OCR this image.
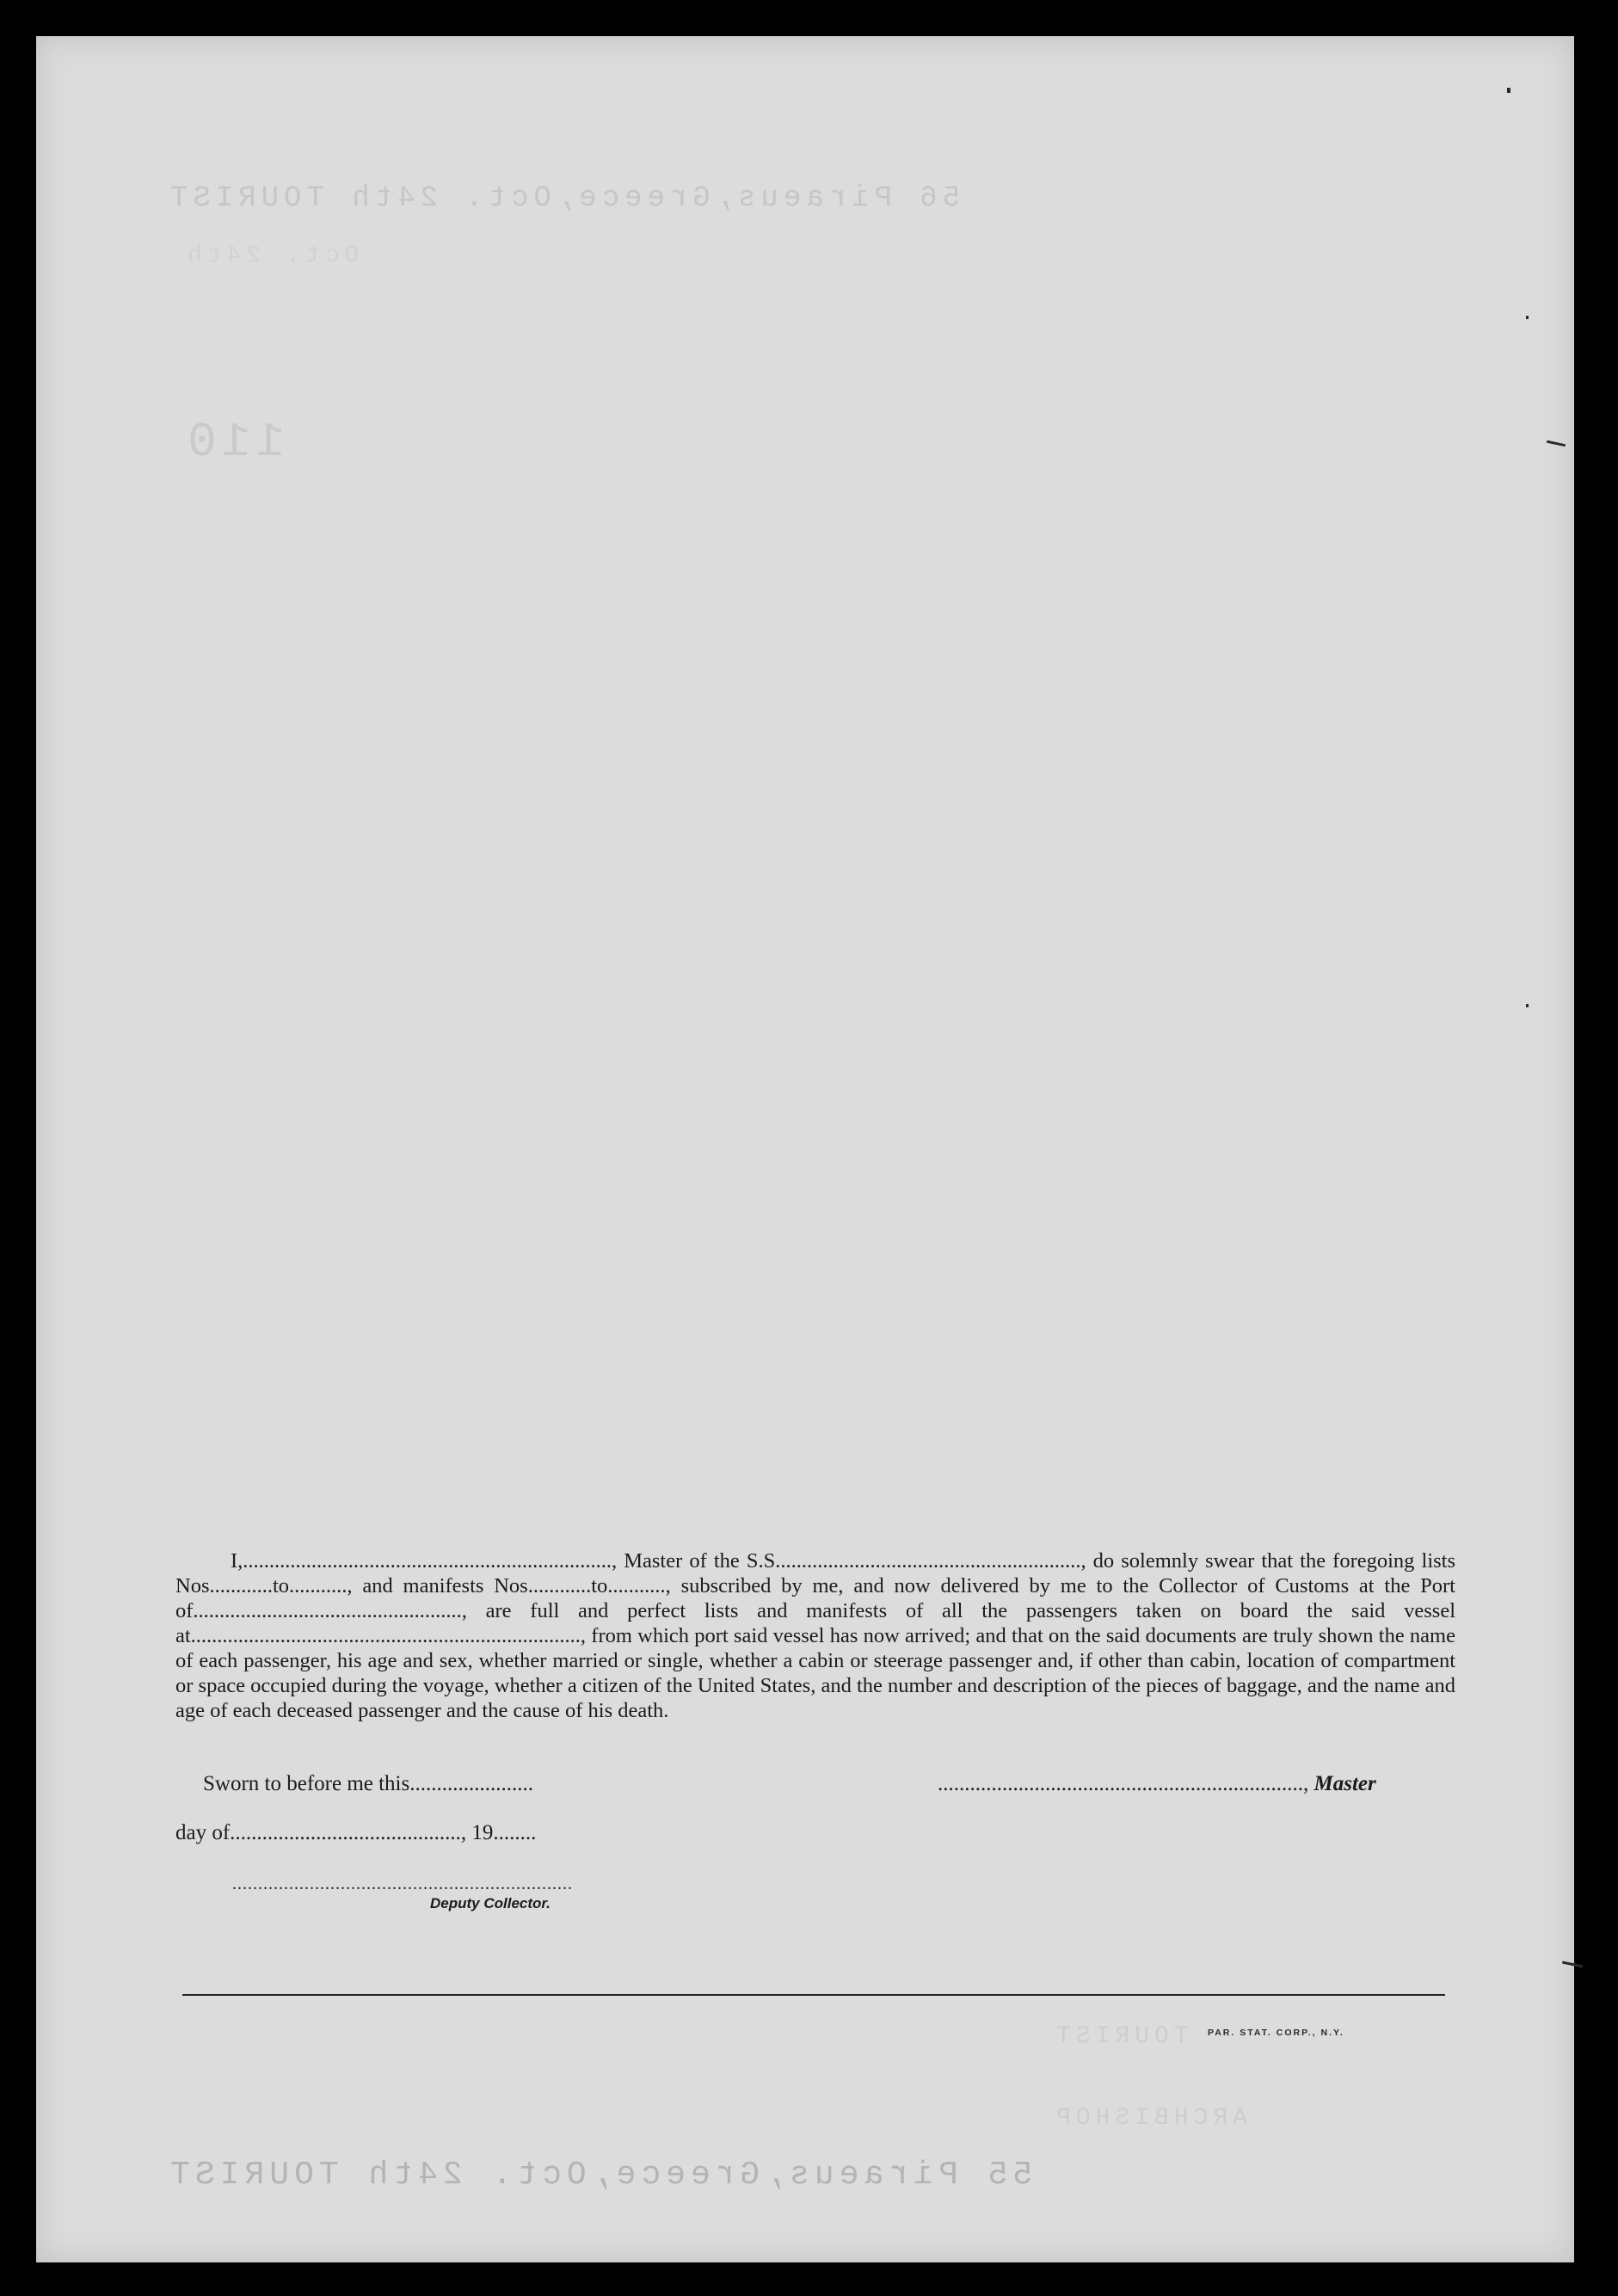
56 Piraeus,Greece,Oct. 24th TOURIST
Oct. 24th
110
TOURIST
ARCHBISHOP
55 Piraeus,Greece,Oct. 24th TOURIST
I,......................................................................, Master of the S.S.........................................................., do solemnly swear that the foregoing lists Nos............to..........., and manifests Nos............to..........., subscribed by me, and now delivered by me to the Collector of Customs at the Port of..................................................., are full and perfect lists and manifests of all the passengers taken on board the said vessel at.........................................................................., from which port said vessel has now arrived; and that on the said documents are truly shown the name of each passenger, his age and sex, whether married or single, whether a cabin or steerage passenger and, if other than cabin, location of compartment or space occupied during the voyage, whether a citizen of the United States, and the number and description of the pieces of baggage, and the name and age of each deceased passenger and the cause of his death.
Sworn to before me this.......................	...................................................................., Master
day of..........................................., 19........
..................................................................
Deputy Collector.
PAR. STAT. CORP., N.Y.
